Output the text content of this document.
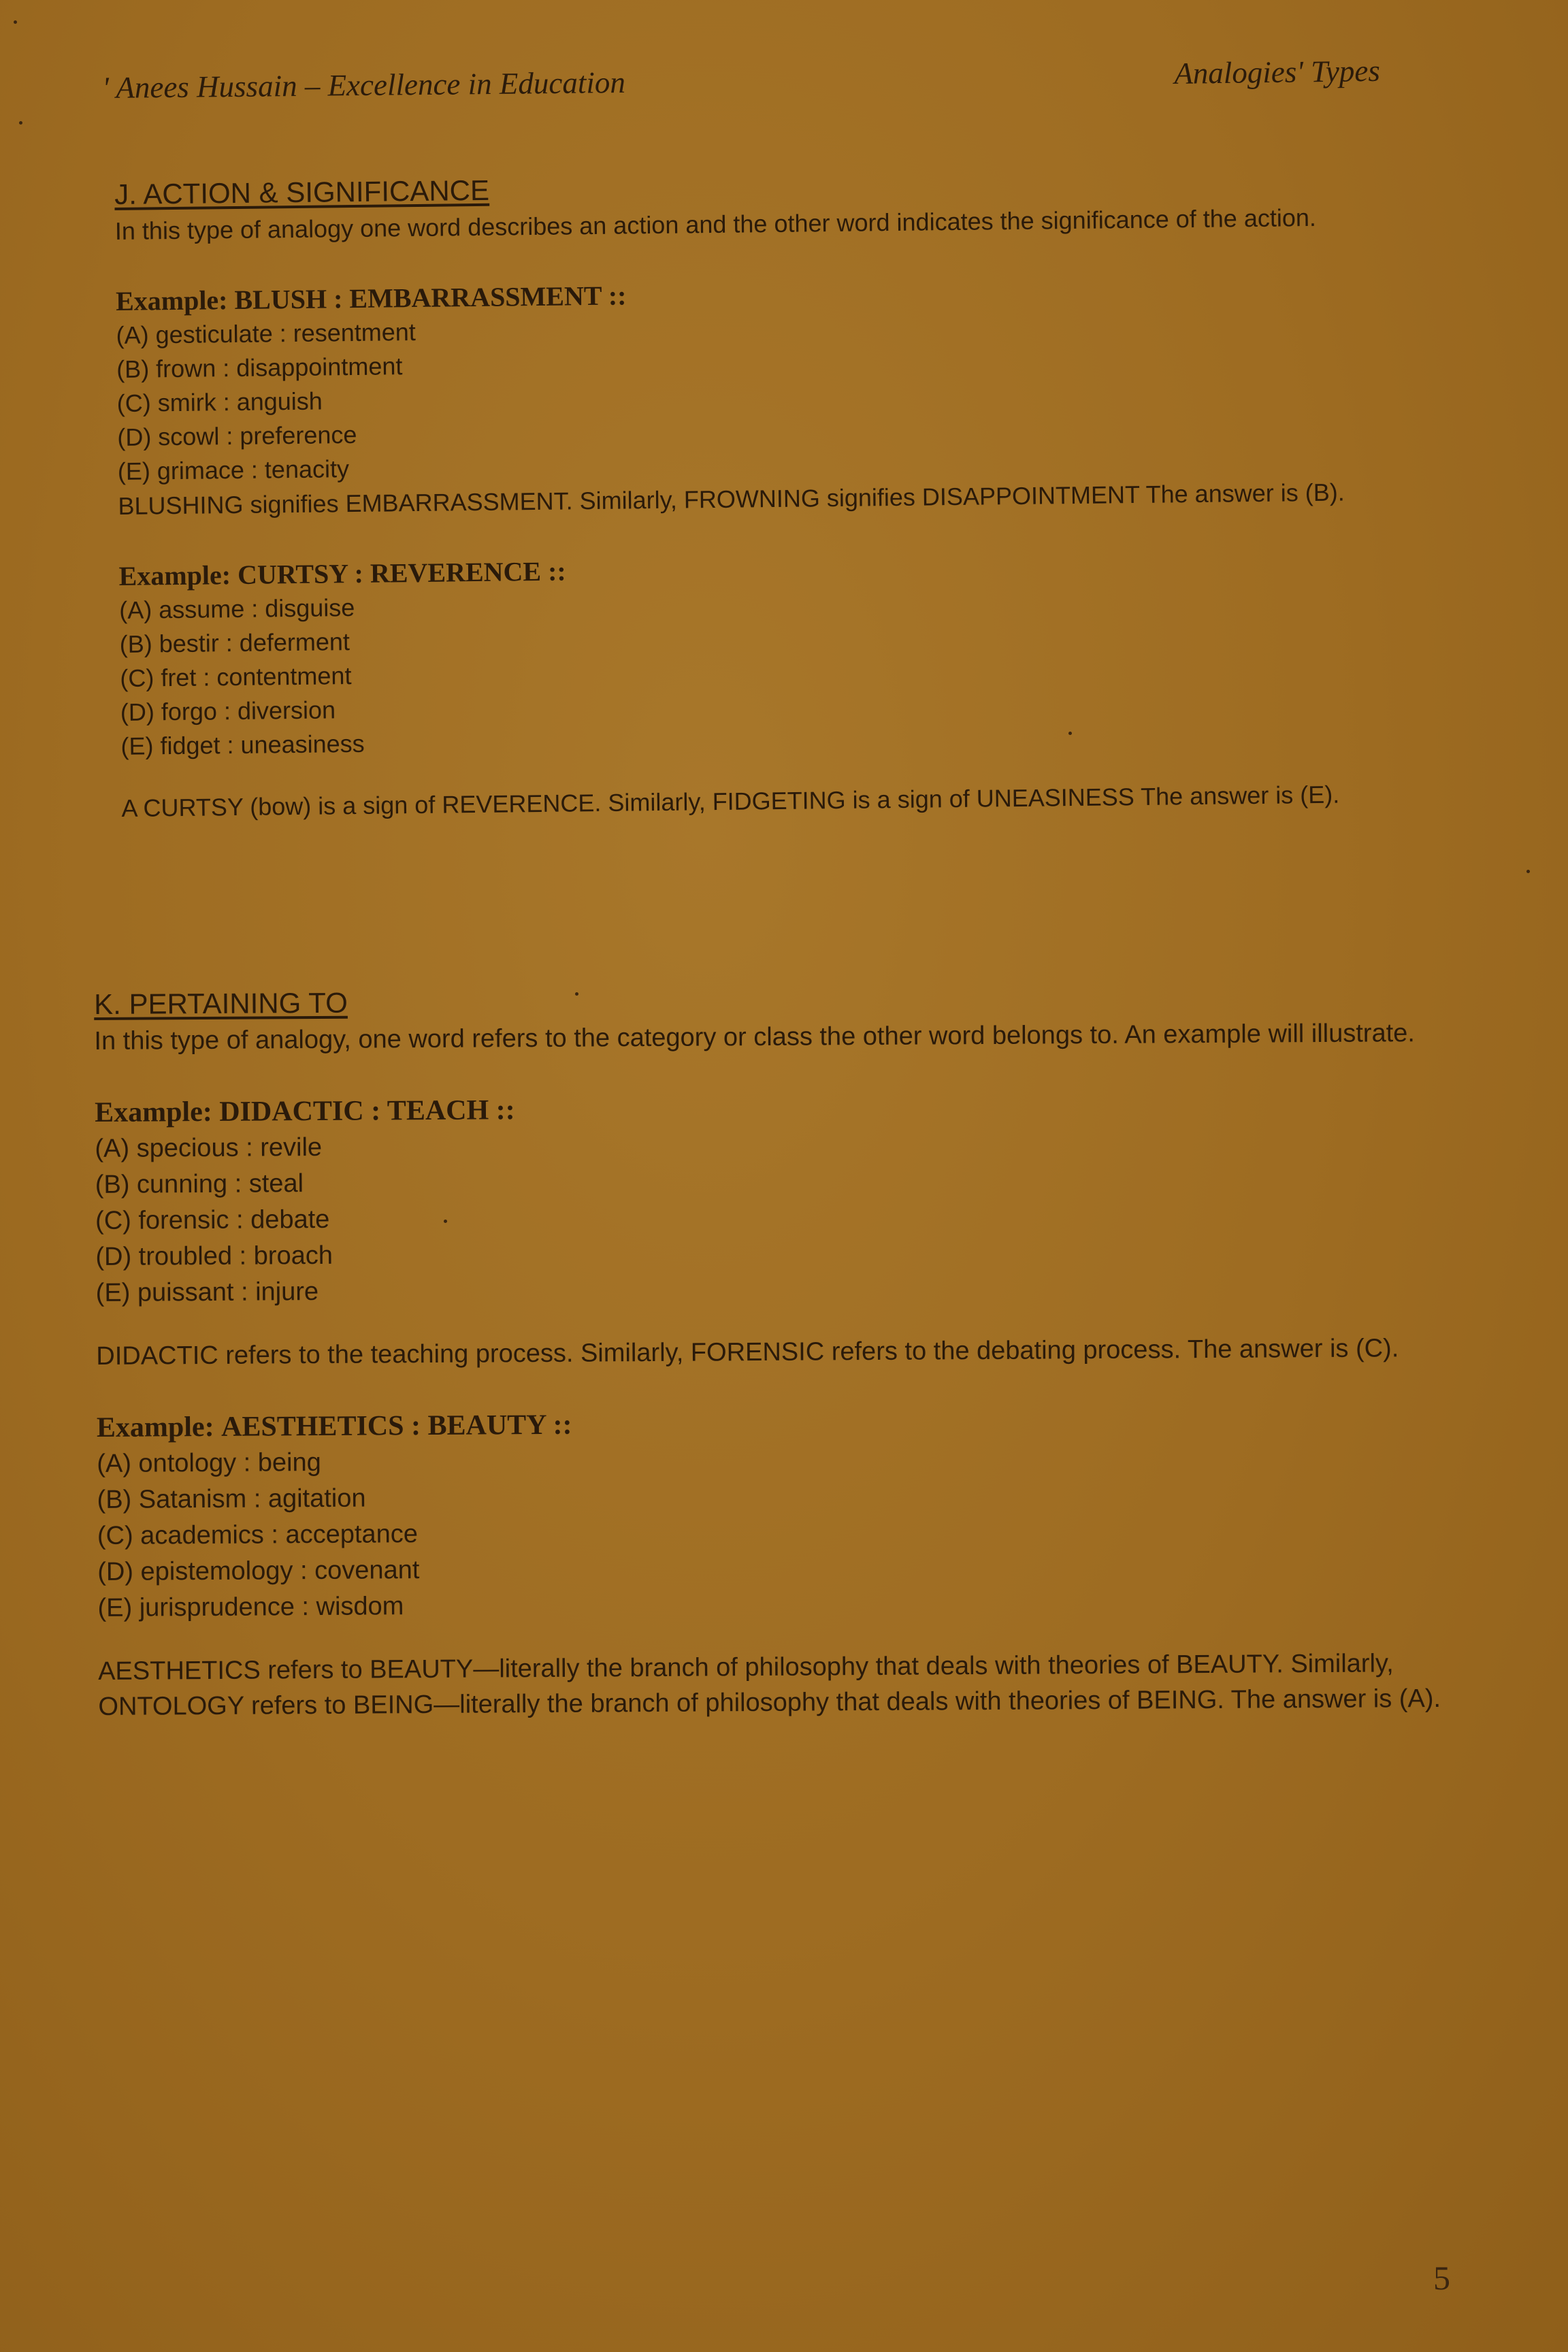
' Anees Hussain – Excellence in Education	Analogies' Types

J. ACTION & SIGNIFICANCE

In this type of analogy one word describes an action and the other word indicates the significance of the action.

Example: BLUSH : EMBARRASSMENT ::

(A) gesticulate : resentment
(B) frown : disappointment
(C) smirk : anguish
(D) scowl : preference
(E) grimace : tenacity

BLUSHING signifies EMBARRASSMENT. Similarly, FROWNING signifies DISAPPOINTMENT The answer is (B).

Example: CURTSY : REVERENCE ::

(A) assume : disguise
(B) bestir : deferment
(C) fret : contentment
(D) forgo : diversion
(E) fidget : uneasiness

A CURTSY (bow) is a sign of REVERENCE. Similarly, FIDGETING is a sign of UNEASINESS The answer is (E).

K. PERTAINING TO

In this type of analogy, one word refers to the category or class the other word belongs to. An example will illustrate.

Example: DIDACTIC : TEACH ::

(A) specious : revile
(B) cunning : steal
(C) forensic : debate
(D) troubled : broach
(E) puissant : injure

DIDACTIC refers to the teaching process. Similarly, FORENSIC refers to the debating process. The answer is (C).

Example: AESTHETICS : BEAUTY ::

(A) ontology : being
(B) Satanism : agitation
(C) academics : acceptance
(D) epistemology : covenant
(E) jurisprudence : wisdom

AESTHETICS refers to BEAUTY—literally the branch of philosophy that deals with theories of BEAUTY. Similarly, ONTOLOGY refers to BEING—literally the branch of philosophy that deals with theories of BEING. The answer is (A).

5
